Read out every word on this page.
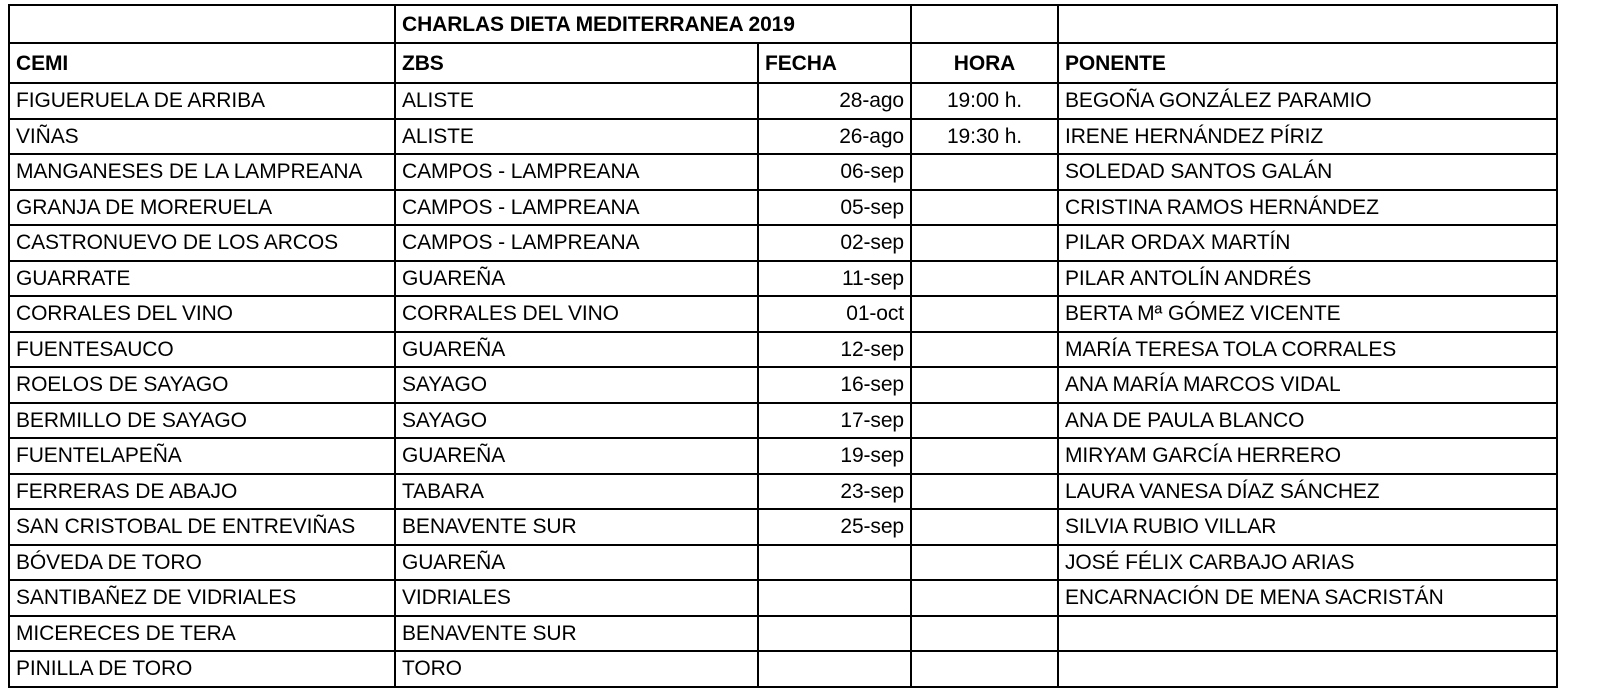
	CHARLAS DIETA MEDITERRANEA 2019			
CEMI	ZBS	FECHA	HORA	PONENTE
FIGUERUELA DE ARRIBA	ALISTE	28-ago	19:00 h.	BEGOÑA GONZÁLEZ PARAMIO
VIÑAS	ALISTE	26-ago	19:30 h.	IRENE HERNÁNDEZ PÍRIZ
MANGANESES DE LA LAMPREANA	CAMPOS - LAMPREANA	06-sep		SOLEDAD SANTOS GALÁN
GRANJA DE MORERUELA	CAMPOS - LAMPREANA	05-sep		CRISTINA RAMOS HERNÁNDEZ
CASTRONUEVO DE LOS ARCOS	CAMPOS - LAMPREANA	02-sep		PILAR ORDAX MARTÍN
GUARRATE	GUAREÑA	11-sep		PILAR ANTOLÍN ANDRÉS
CORRALES DEL VINO	CORRALES DEL VINO	01-oct		BERTA Mª GÓMEZ VICENTE
FUENTESAUCO	GUAREÑA	12-sep		MARÍA TERESA TOLA CORRALES
ROELOS DE SAYAGO	SAYAGO	16-sep		ANA MARÍA MARCOS VIDAL
BERMILLO DE SAYAGO	SAYAGO	17-sep		ANA DE PAULA BLANCO
FUENTELAPEÑA	GUAREÑA	19-sep		MIRYAM GARCÍA HERRERO
FERRERAS DE ABAJO	TABARA	23-sep		LAURA VANESA DÍAZ SÁNCHEZ
SAN CRISTOBAL DE ENTREVIÑAS	BENAVENTE SUR	25-sep		SILVIA RUBIO VILLAR
BÓVEDA DE TORO	GUAREÑA			JOSÉ FÉLIX CARBAJO ARIAS
SANTIBAÑEZ DE VIDRIALES	VIDRIALES			ENCARNACIÓN DE MENA SACRISTÁN
MICERECES DE TERA	BENAVENTE SUR			
PINILLA DE TORO	TORO			
